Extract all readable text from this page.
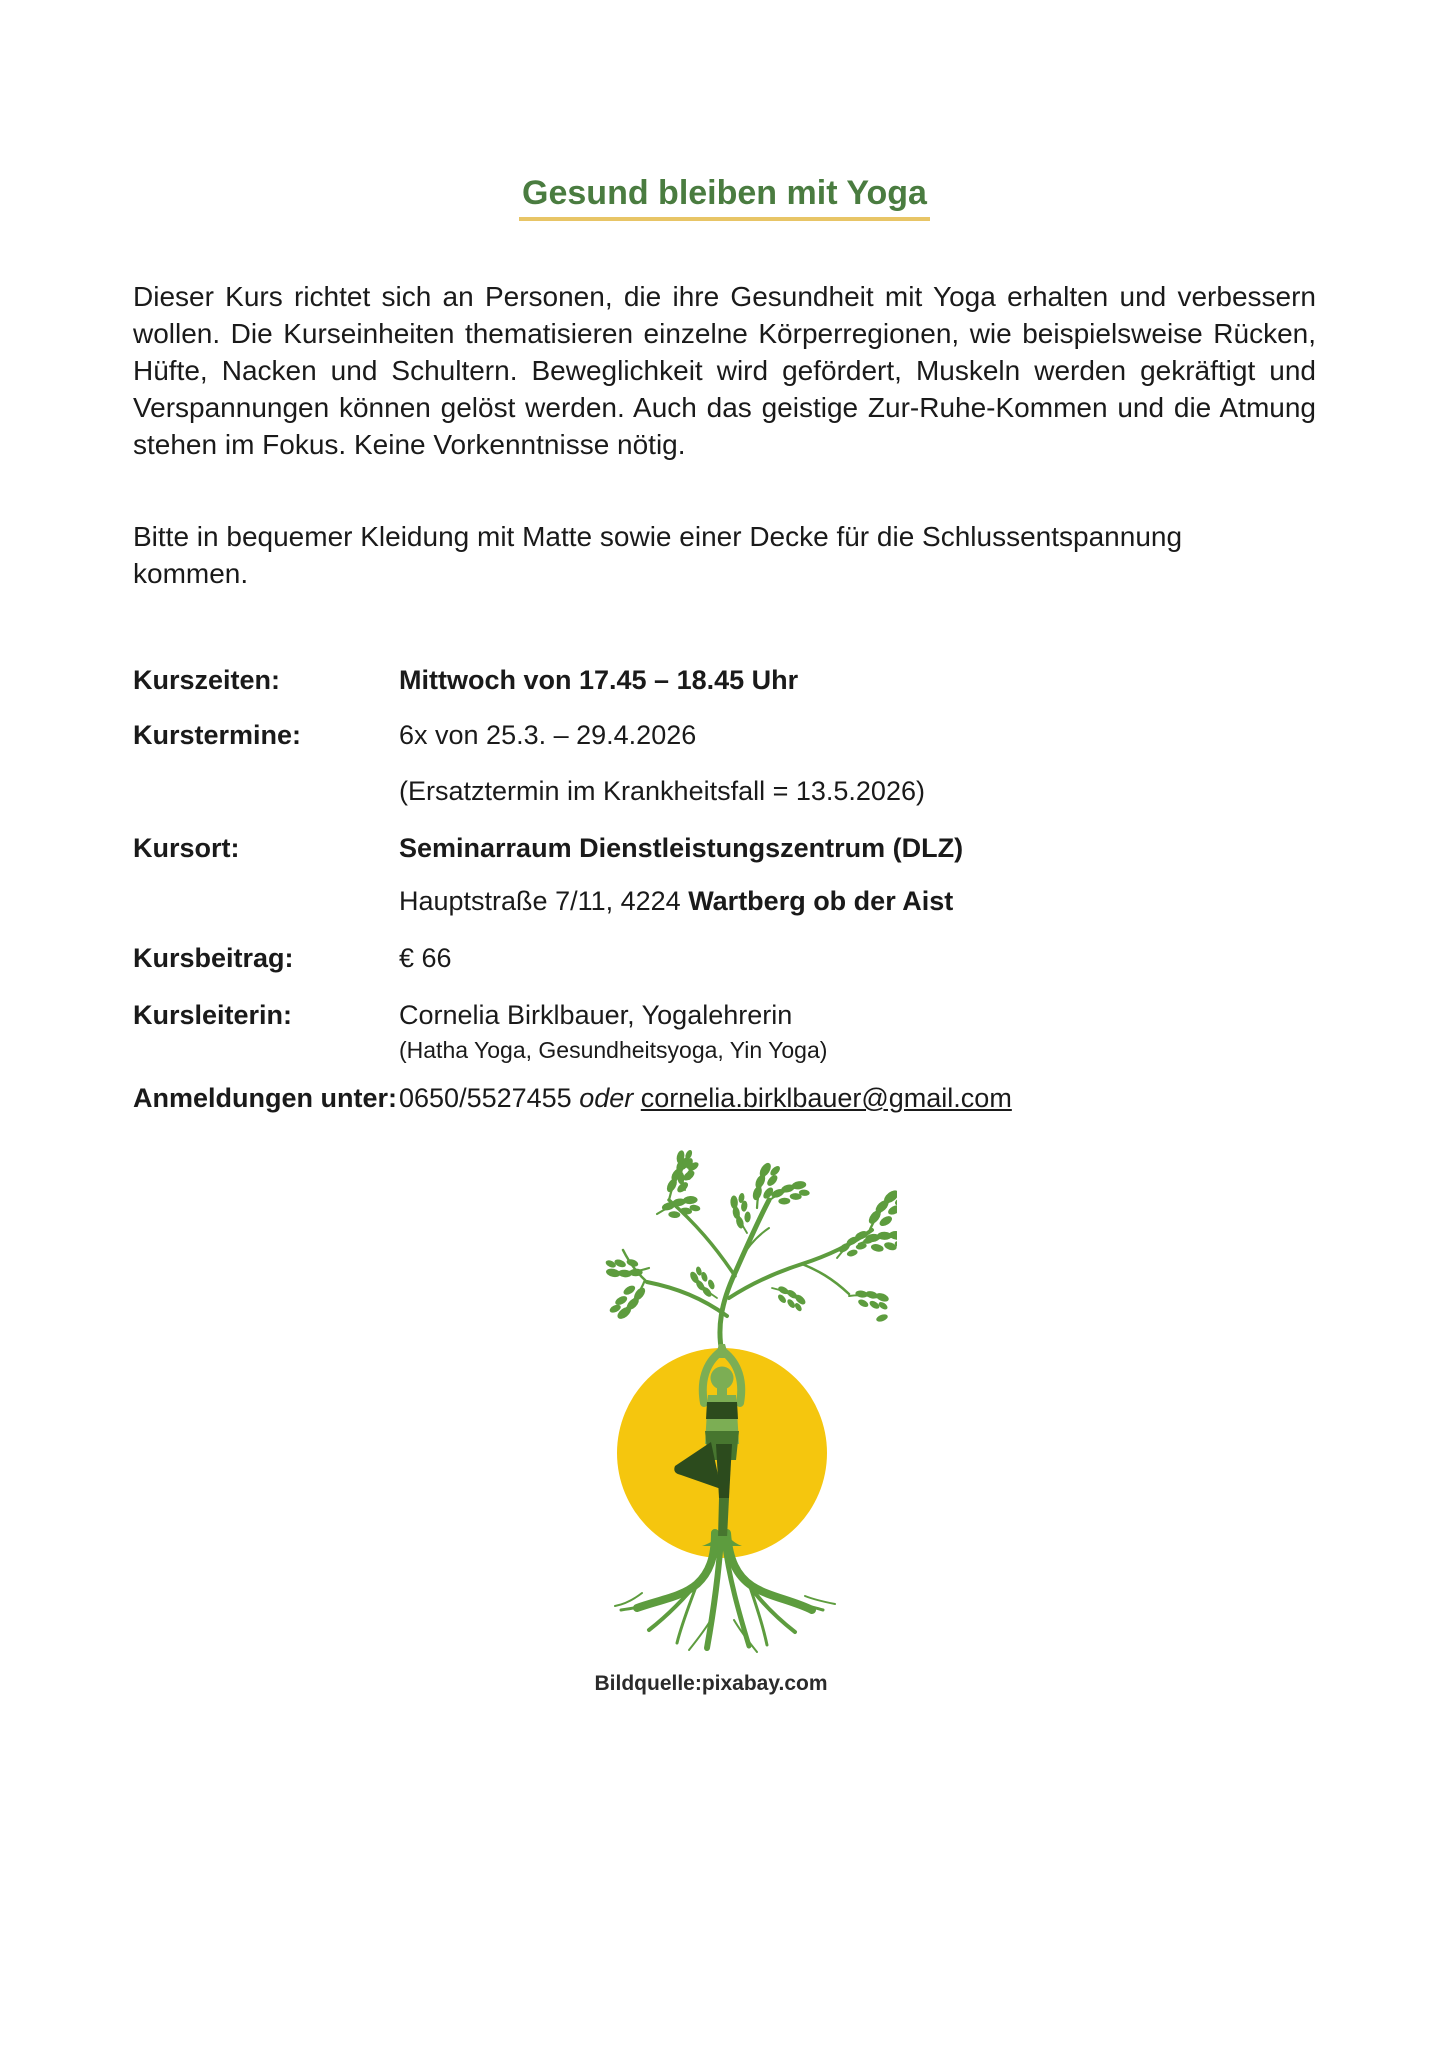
Gesund bleiben mit Yoga

Dieser Kurs richtet sich an Personen, die ihre Gesundheit mit Yoga erhalten und verbessern wollen. Die Kurseinheiten thematisieren einzelne Körperregionen, wie beispielsweise Rücken, Hüfte, Nacken und Schultern. Beweglichkeit wird gefördert, Muskeln werden gekräftigt und Verspannungen können gelöst werden. Auch das geistige Zur-Ruhe-Kommen und die Atmung stehen im Fokus. Keine Vorkenntnisse nötig.

Bitte in bequemer Kleidung mit Matte sowie einer Decke für die Schlussentspannung kommen.

Kurszeiten:	Mittwoch von 17.45 – 18.45 Uhr
Kurstermine:	6x von 25.3. – 29.4.2026
(Ersatztermin im Krankheitsfall = 13.5.2026)
Kursort:	Seminarraum Dienstleistungszentrum (DLZ)
Hauptstraße 7/11, 4224 Wartberg ob der Aist
Kursbeitrag:	€ 66
Kursleiterin:	Cornelia Birklbauer, Yogalehrerin
(Hatha Yoga, Gesundheitsyoga, Yin Yoga)
Anmeldungen unter: 0650/5527455 oder cornelia.birklbauer@gmail.com

Bildquelle:pixabay.com
